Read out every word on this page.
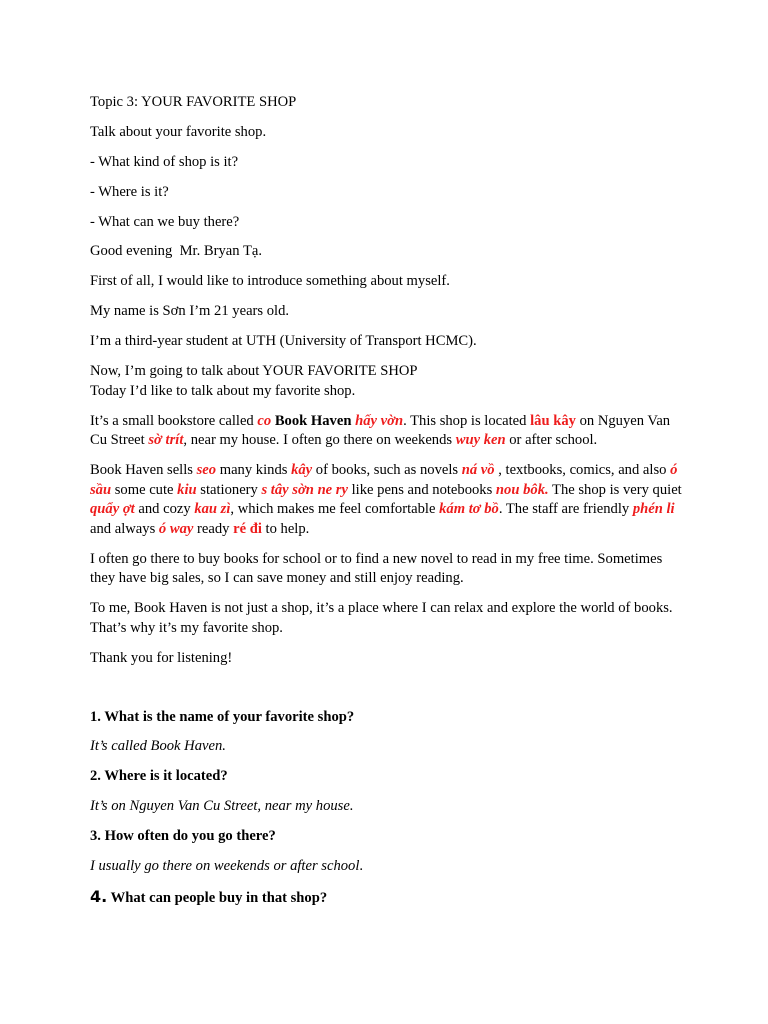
Topic 3: YOUR FAVORITE SHOP

Talk about your favorite shop.

- What kind of shop is it?

- Where is it?

- What can we buy there?

Good evening  Mr. Bryan Tạ.

First of all, I would like to introduce something about myself.

My name is Sơn I’m 21 years old.

I’m a third-year student at UTH (University of Transport HCMC).

Now, I’m going to talk about YOUR FAVORITE SHOP
Today I’d like to talk about my favorite shop.

It’s a small bookstore called co Book Haven hấy vờn. This shop is located lâu kây on Nguyen Van Cu Street sờ trít, near my house. I often go there on weekends wuy ken or after school.

Book Haven sells seo many kinds kây of books, such as novels ná vồ , textbooks, comics, and also ó sầu some cute kiu stationery s tây sờn ne ry like pens and notebooks nou bôk. The shop is very quiet quẩy ợt and cozy kau zì, which makes me feel comfortable kám tơ bồ. The staff are friendly phén li  and always ó way ready ré đi to help.

I often go there to buy books for school or to find a new novel to read in my free time. Sometimes they have big sales, so I can save money and still enjoy reading.

To me, Book Haven is not just a shop, it’s a place where I can relax and explore the world of books. That’s why it’s my favorite shop.

Thank you for listening!

1. What is the name of your favorite shop?

It’s called Book Haven.

2. Where is it located?

It’s on Nguyen Van Cu Street, near my house.

3. How often do you go there?

I usually go there on weekends or after school.

4. What can people buy in that shop?
